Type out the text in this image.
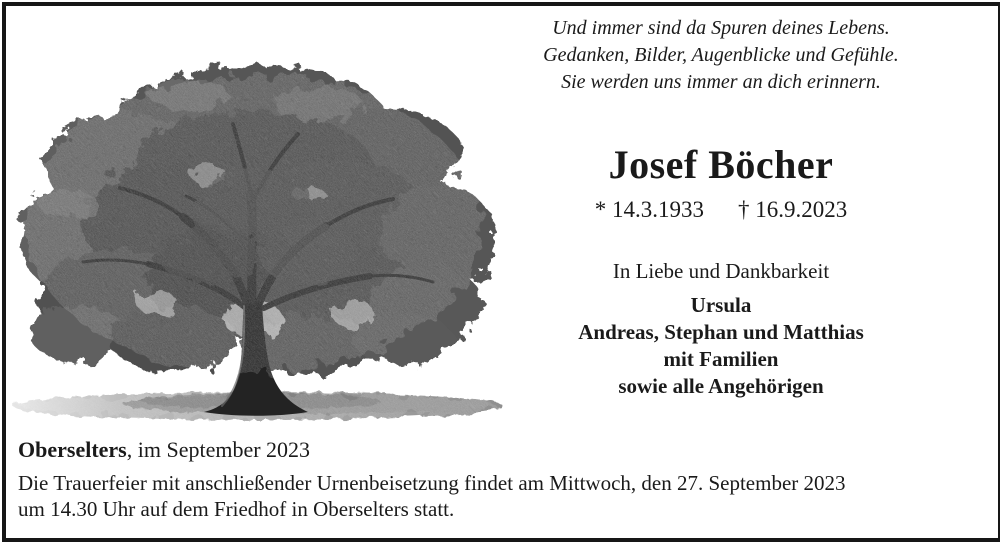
Und immer sind da Spuren deines Lebens.
Gedanken, Bilder, Augenblicke und Gefühle.
Sie werden uns immer an dich erinnern.
Josef Böcher
* 14.3.1933 † 16.9.2023
In Liebe und Dankbarkeit
Ursula
Andreas, Stephan und Matthias
mit Familien
sowie alle Angehörigen
Oberselters, im September 2023
Die Trauerfeier mit anschließender Urnenbeisetzung findet am Mittwoch, den 27. September 2023
um 14.30 Uhr auf dem Friedhof in Oberselters statt.
